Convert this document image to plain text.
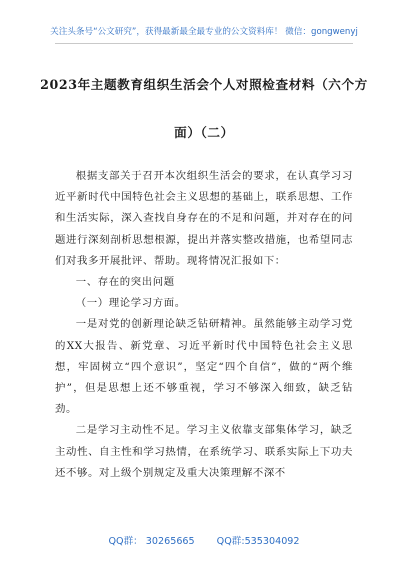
关注头条号“公文研究”，获得最新最全最专业的公文资料库！ 微信：gongwenyj
2023年主题教育组织生活会个人对照检查材料（六个方
面）（二）

根据支部关于召开本次组织生活会的要求，在认真学习习近平新时代中国特色社会主义思想的基础上，联系思想、工作和生活实际，深入查找自身存在的不足和问题，并对存在的问题进行深刻剖析思想根源，提出并落实整改措施，也希望同志们对我多开展批评、帮助。现将情况汇报如下：

一、存在的突出问题

（一）理论学习方面。

一是对党的创新理论缺乏钻研精神。虽然能够主动学习党的XX大报告、新党章、习近平新时代中国特色社会主义思想，牢固树立“四个意识”，坚定“四个自信”，做的“两个维护”，但是思想上还不够重视，学习不够深入细致，缺乏钻劲。

二是学习主动性不足。学习主义依靠支部集体学习，缺乏主动性、自主性和学习热情，在系统学习、联系实际上下功夫还不够。对上级个别规定及重大决策理解不深不

QQ群： 30265665 QQ群:535304092
